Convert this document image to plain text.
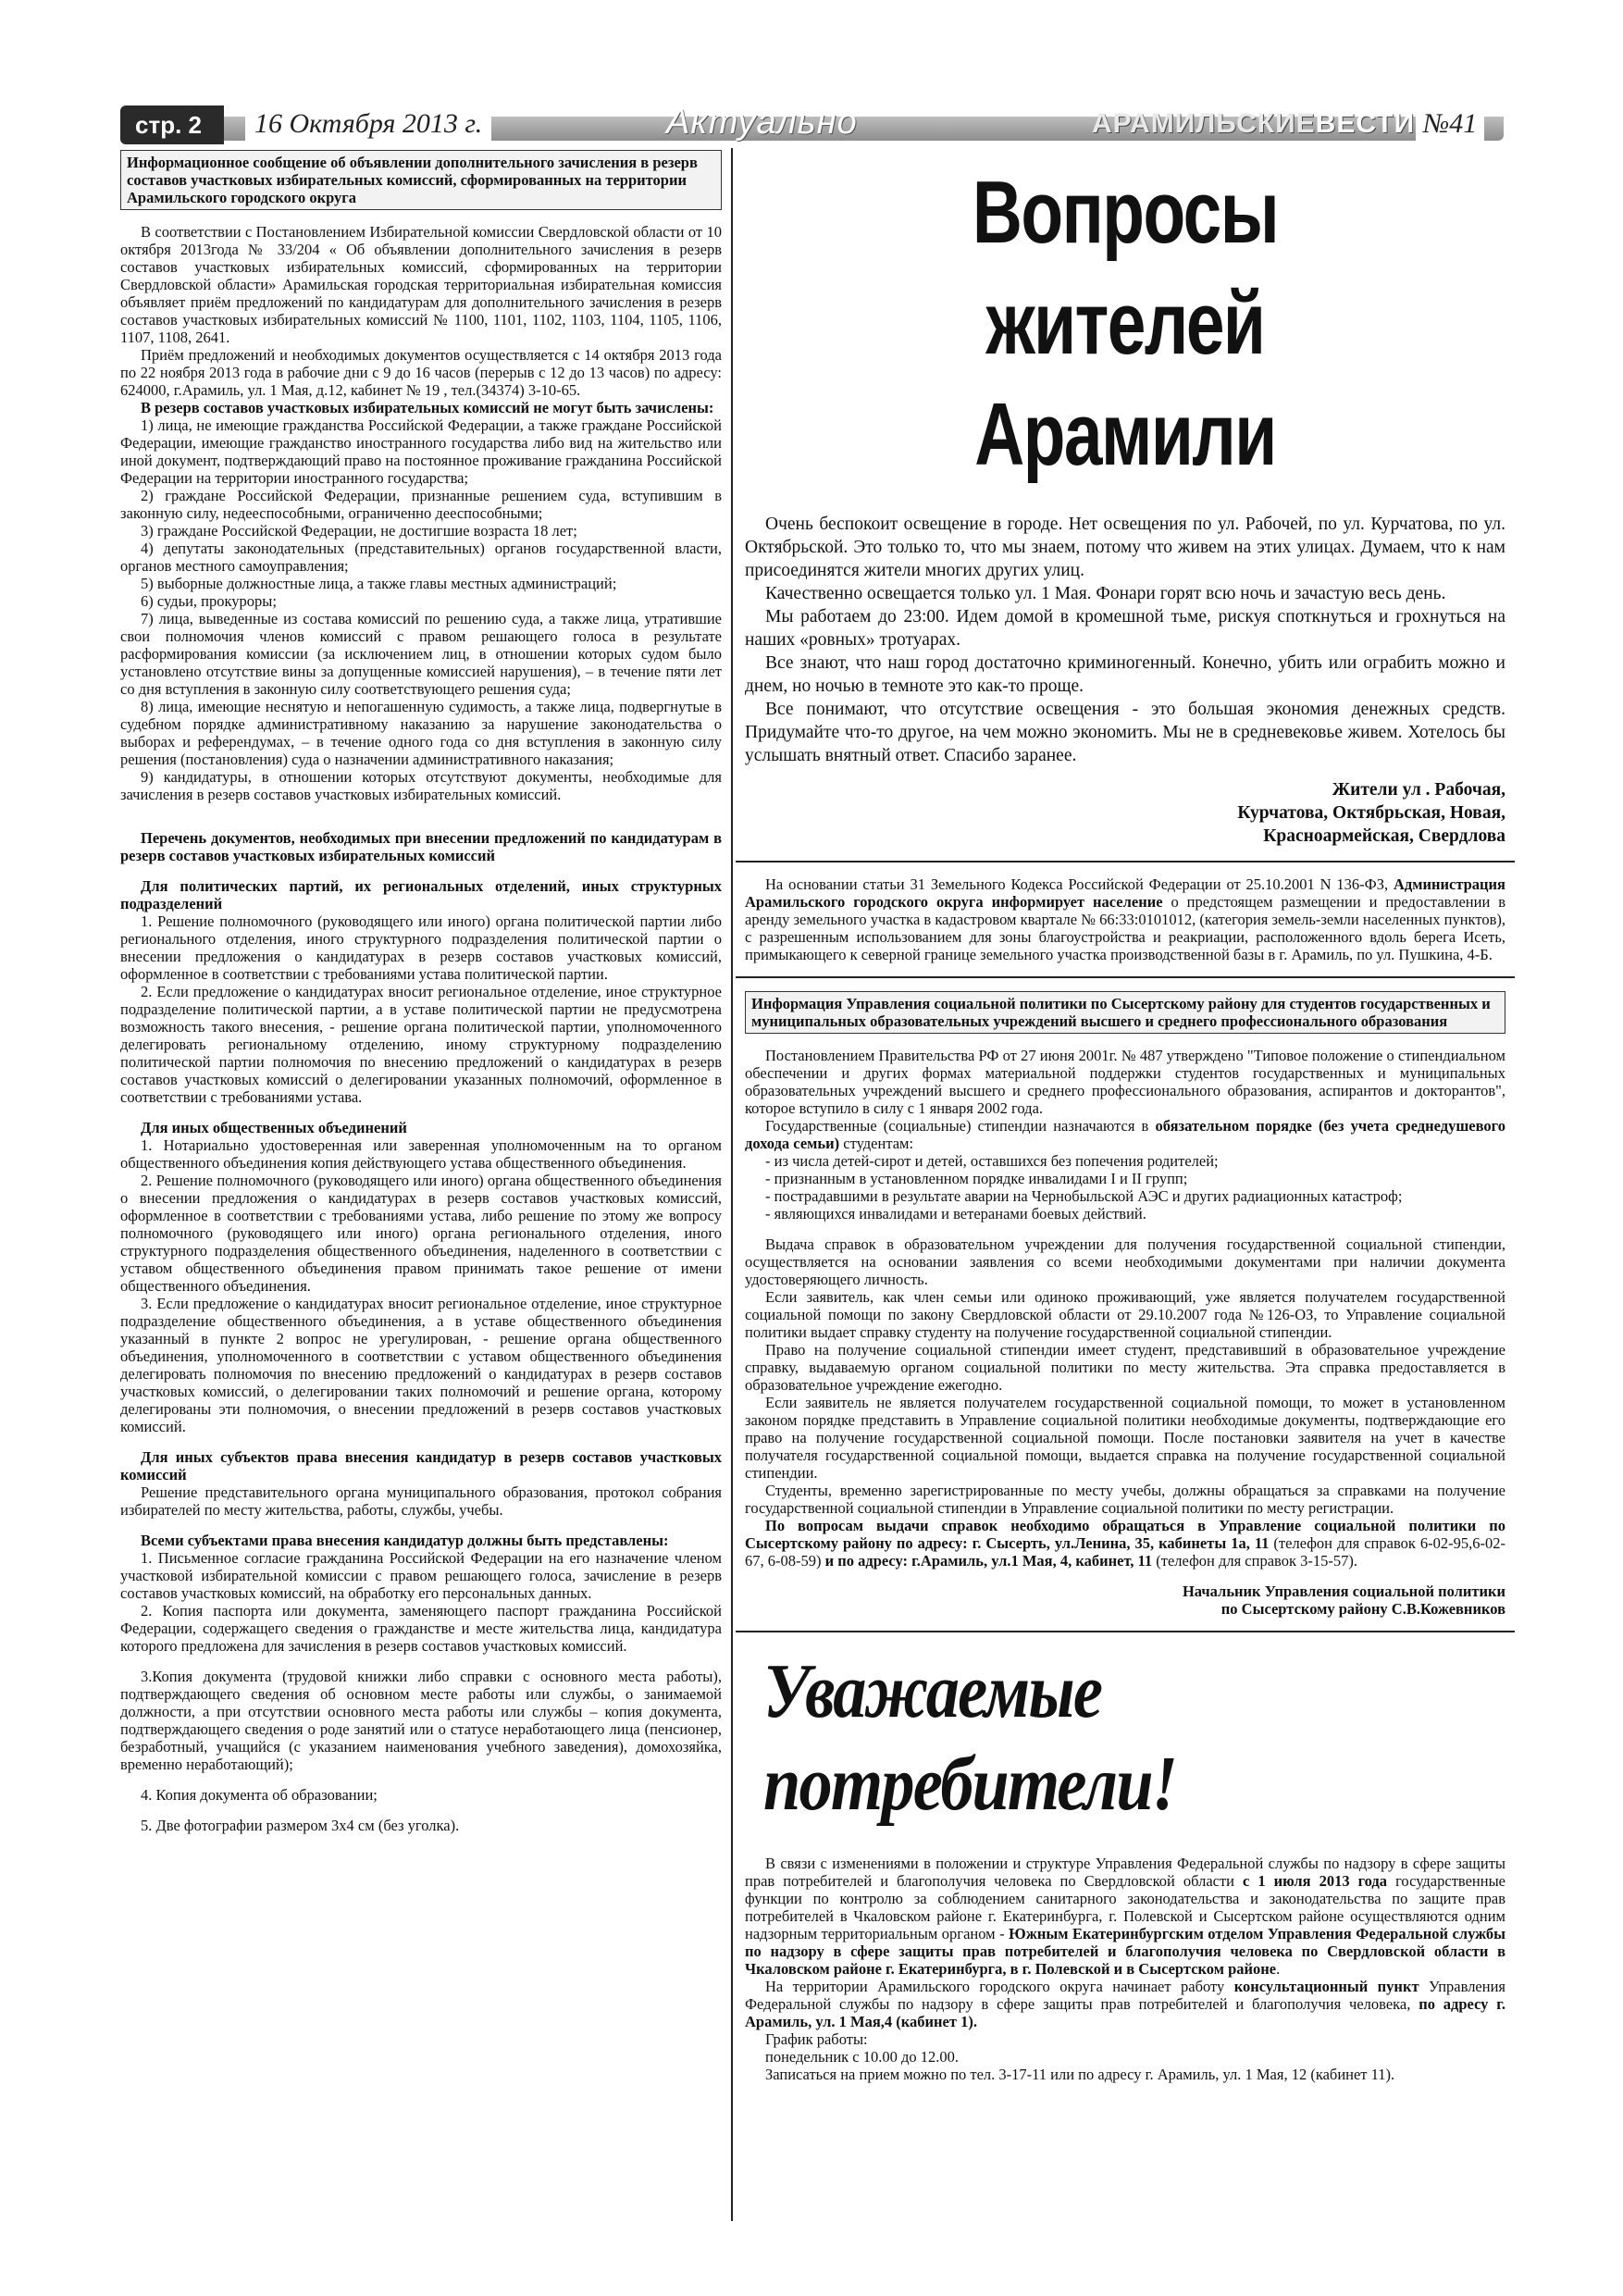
стр. 2	16 Октября 2013 г.	Актуально	АРАМИЛЬСКИЕВЕСТИ №41
Информационное сообщение об объявлении дополнительного зачисления в резерв составов участковых избирательных комиссий, сформированных на территории Арамильского городского округа

В соответствии с Постановлением Избирательной комиссии Свердловской области от 10 октября 2013года № 33/204 « Об объявлении дополнительного зачисления в резерв составов участковых избирательных комиссий, сформированных на территории Свердловской области» Арамильская городская территориальная избирательная комиссия объявляет приём предложений по кандидатурам для дополнительного зачисления в резерв составов участковых избирательных комиссий № 1100, 1101, 1102, 1103, 1104, 1105, 1106, 1107, 1108, 2641.

Приём предложений и необходимых документов осуществляется с 14 октября 2013 года по 22 ноября 2013 года в рабочие дни с 9 до 16 часов (перерыв с 12 до 13 часов) по адресу: 624000, г.Арамиль, ул. 1 Мая, д.12, кабинет № 19 , тел.(34374) 3-10-65.

В резерв составов участковых избирательных комиссий не могут быть зачислены:

1) лица, не имеющие гражданства Российской Федерации, а также граждане Российской Федерации, имеющие гражданство иностранного государства либо вид на жительство или иной документ, подтверждающий право на постоянное проживание гражданина Российской Федерации на территории иностранного государства;

2) граждане Российской Федерации, признанные решением суда, вступившим в законную силу, недееспособными, ограниченно дееспособными;

3) граждане Российской Федерации, не достигшие возраста 18 лет;

4) депутаты законодательных (представительных) органов государственной власти, органов местного самоуправления;

5) выборные должностные лица, а также главы местных администраций;

6) судьи, прокуроры;

7) лица, выведенные из состава комиссий по решению суда, а также лица, утратившие свои полномочия членов комиссий с правом решающего голоса в результате расформирования комиссии (за исключением лиц, в отношении которых судом было установлено отсутствие вины за допущенные комиссией нарушения), – в течение пяти лет со дня вступления в законную силу соответствующего решения суда;

8) лица, имеющие неснятую и непогашенную судимость, а также лица, подвергнутые в судебном порядке административному наказанию за нарушение законодательства о выборах и референдумах, – в течение одного года со дня вступления в законную силу решения (постановления) суда о назначении административного наказания;

9) кандидатуры, в отношении которых отсутствуют документы, необходимые для зачисления в резерв составов участковых избирательных комиссий.

Перечень документов, необходимых при внесении предложений по кандидатурам в резерв составов участковых избирательных комиссий

Для политических партий, их региональных отделений, иных структурных подразделений

1. Решение полномочного (руководящего или иного) органа политической партии либо регионального отделения, иного структурного подразделения политической партии о внесении предложения о кандидатурах в резерв составов участковых комиссий, оформленное в соответствии с требованиями устава политической партии.

2. Если предложение о кандидатурах вносит региональное отделение, иное структурное подразделение политической партии, а в уставе политической партии не предусмотрена возможность такого внесения, - решение органа политической партии, уполномоченного делегировать региональному отделению, иному структурному подразделению политической партии полномочия по внесению предложений о кандидатурах в резерв составов участковых комиссий о делегировании указанных полномочий, оформленное в соответствии с требованиями устава.

Для иных общественных объединений

1. Нотариально удостоверенная или заверенная уполномоченным на то органом общественного объединения копия действующего устава общественного объединения.

2. Решение полномочного (руководящего или иного) органа общественного объединения о внесении предложения о кандидатурах в резерв составов участковых комиссий, оформленное в соответствии с требованиями устава, либо решение по этому же вопросу полномочного (руководящего или иного) органа регионального отделения, иного структурного подразделения общественного объединения, наделенного в соответствии с уставом общественного объединения правом принимать такое решение от имени общественного объединения.

3. Если предложение о кандидатурах вносит региональное отделение, иное структурное подразделение общественного объединения, а в уставе общественного объединения указанный в пункте 2 вопрос не урегулирован, - решение органа общественного объединения, уполномоченного в соответствии с уставом общественного объединения делегировать полномочия по внесению предложений о кандидатурах в резерв составов участковых комиссий, о делегировании таких полномочий и решение органа, которому делегированы эти полномочия, о внесении предложений в резерв составов участковых комиссий.

Для иных субъектов права внесения кандидатур в резерв составов участковых комиссий

Решение представительного органа муниципального образования, протокол собрания избирателей по месту жительства, работы, службы, учебы.

Всеми субъектами права внесения кандидатур должны быть представлены:

1. Письменное согласие гражданина Российской Федерации на его назначение членом участковой избирательной комиссии с правом решающего голоса, зачисление в резерв составов участковых комиссий, на обработку его персональных данных.

2. Копия паспорта или документа, заменяющего паспорт гражданина Российской Федерации, содержащего сведения о гражданстве и месте жительства лица, кандидатура которого предложена для зачисления в резерв составов участковых комиссий.

3.Копия документа (трудовой книжки либо справки с основного места работы), подтверждающего сведения об основном месте работы или службы, о занимаемой должности, а при отсутствии основного места работы или службы – копия документа, подтверждающего сведения о роде занятий или о статусе неработающего лица (пенсионер, безработный, учащийся (с указанием наименования учебного заведения), домохозяйка, временно неработающий);

4. Копия документа об образовании;

5. Две фотографии размером 3х4 см (без уголка).

Вопросы жителей Арамили

Очень беспокоит освещение в городе. Нет освещения по ул. Рабочей, по ул. Курчатова, по ул. Октябрьской. Это только то, что мы знаем, потому что живем на этих улицах. Думаем, что к нам присоединятся жители многих других улиц.

Качественно освещается только ул. 1 Мая. Фонари горят всю ночь и зачастую весь день.

Мы работаем до 23:00. Идем домой в кромешной тьме, рискуя споткнуться и грохнуться на наших «ровных» тротуарах.

Все знают, что наш город достаточно криминогенный. Конечно, убить или ограбить можно и днем, но ночью в темноте это как-то проще.

Все понимают, что отсутствие освещения - это большая экономия денежных средств. Придумайте что-то другое, на чем можно экономить. Мы не в средневековье живем. Хотелось бы услышать внятный ответ. Спасибо заранее.

Жители ул . Рабочая,
Курчатова, Октябрьская, Новая,
Красноармейская, Свердлова

На основании статьи 31 Земельного Кодекса Российской Федерации от 25.10.2001 N 136-ФЗ, Администрация Арамильского городского округа информирует население о предстоящем размещении и предоставлении в аренду земельного участка в кадастровом квартале № 66:33:0101012, (категория земель-земли населенных пунктов), с разрешенным использованием для зоны благоустройства и реакриации, расположенного вдоль берега Исеть, примыкающего к северной границе земельного участка производственной базы в г. Арамиль, по ул. Пушкина, 4-Б.

Информация Управления социальной политики по Сысертскому району для студентов государственных и муниципальных образовательных учреждений высшего и среднего профессионального образования

Постановлением Правительства РФ от 27 июня 2001г. № 487 утверждено "Типовое положение о стипендиальном обеспечении и других формах материальной поддержки студентов государственных и муниципальных образовательных учреждений высшего и среднего профессионального образования, аспирантов и докторантов", которое вступило в силу с 1 января 2002 года.

Государственные (социальные) стипендии назначаются в обязательном порядке (без учета среднедушевого дохода семьи) студентам:

- из числа детей-сирот и детей, оставшихся без попечения родителей;

- признанным в установленном порядке инвалидами I и II групп;

- пострадавшими в результате аварии на Чернобыльской АЭС и других радиационных катастроф;

- являющихся инвалидами и ветеранами боевых действий.

Выдача справок в образовательном учреждении для получения государственной социальной стипендии, осуществляется на основании заявления со всеми необходимыми документами при наличии документа удостоверяющего личность.

Если заявитель, как член семьи или одиноко проживающий, уже является получателем государственной социальной помощи по закону Свердловской области от 29.10.2007 года №126-ОЗ, то Управление социальной политики выдает справку студенту на получение государственной социальной стипендии.

Право на получение социальной стипендии имеет студент, представивший в образовательное учреждение справку, выдаваемую органом социальной политики по месту жительства. Эта справка предоставляется в образовательное учреждение ежегодно.

Если заявитель не является получателем государственной социальной помощи, то может в установленном законом порядке представить в Управление социальной политики необходимые документы, подтверждающие его право на получение государственной социальной помощи. После постановки заявителя на учет в качестве получателя государственной социальной помощи, выдается справка на получение государственной социальной стипендии.

Студенты, временно зарегистрированные по месту учебы, должны обращаться за справками на получение государственной социальной стипендии в Управление социальной политики по месту регистрации.

По вопросам выдачи справок необходимо обращаться в Управление социальной политики по Сысертскому району по адресу: г. Сысерть, ул.Ленина, 35, кабинеты 1а, 11 (телефон для справок 6-02-95,6-02-67, 6-08-59) и по адресу: г.Арамиль, ул.1 Мая, 4, кабинет, 11 (телефон для справок 3-15-57).

Начальник Управления социальной политики
по Сысертскому району С.В.Кожевников
Уважаемые потребители!

В связи с изменениями в положении и структуре Управления Федеральной службы по надзору в сфере защиты прав потребителей и благополучия человека по Свердловской области с 1 июля 2013 года государственные функции по контролю за соблюдением санитарного законодательства и законодательства по защите прав потребителей в Чкаловском районе г. Екатеринбурга, г. Полевской и Сысертском районе осуществляются одним надзорным территориальным органом - Южным Екатеринбургским отделом Управления Федеральной службы по надзору в сфере защиты прав потребителей и благополучия человека по Свердловской области в Чкаловском районе г. Екатеринбурга, в г. Полевской и в Сысертском районе.

На территории Арамильского городского округа начинает работу консультационный пункт Управления Федеральной службы по надзору в сфере защиты прав потребителей и благополучия человека, по адресу г. Арамиль, ул. 1 Мая,4 (кабинет 1).

График работы:

понедельник с 10.00 до 12.00.

Записаться на прием можно по тел. 3-17-11 или по адресу г. Арамиль, ул. 1 Мая, 12 (кабинет 11).
